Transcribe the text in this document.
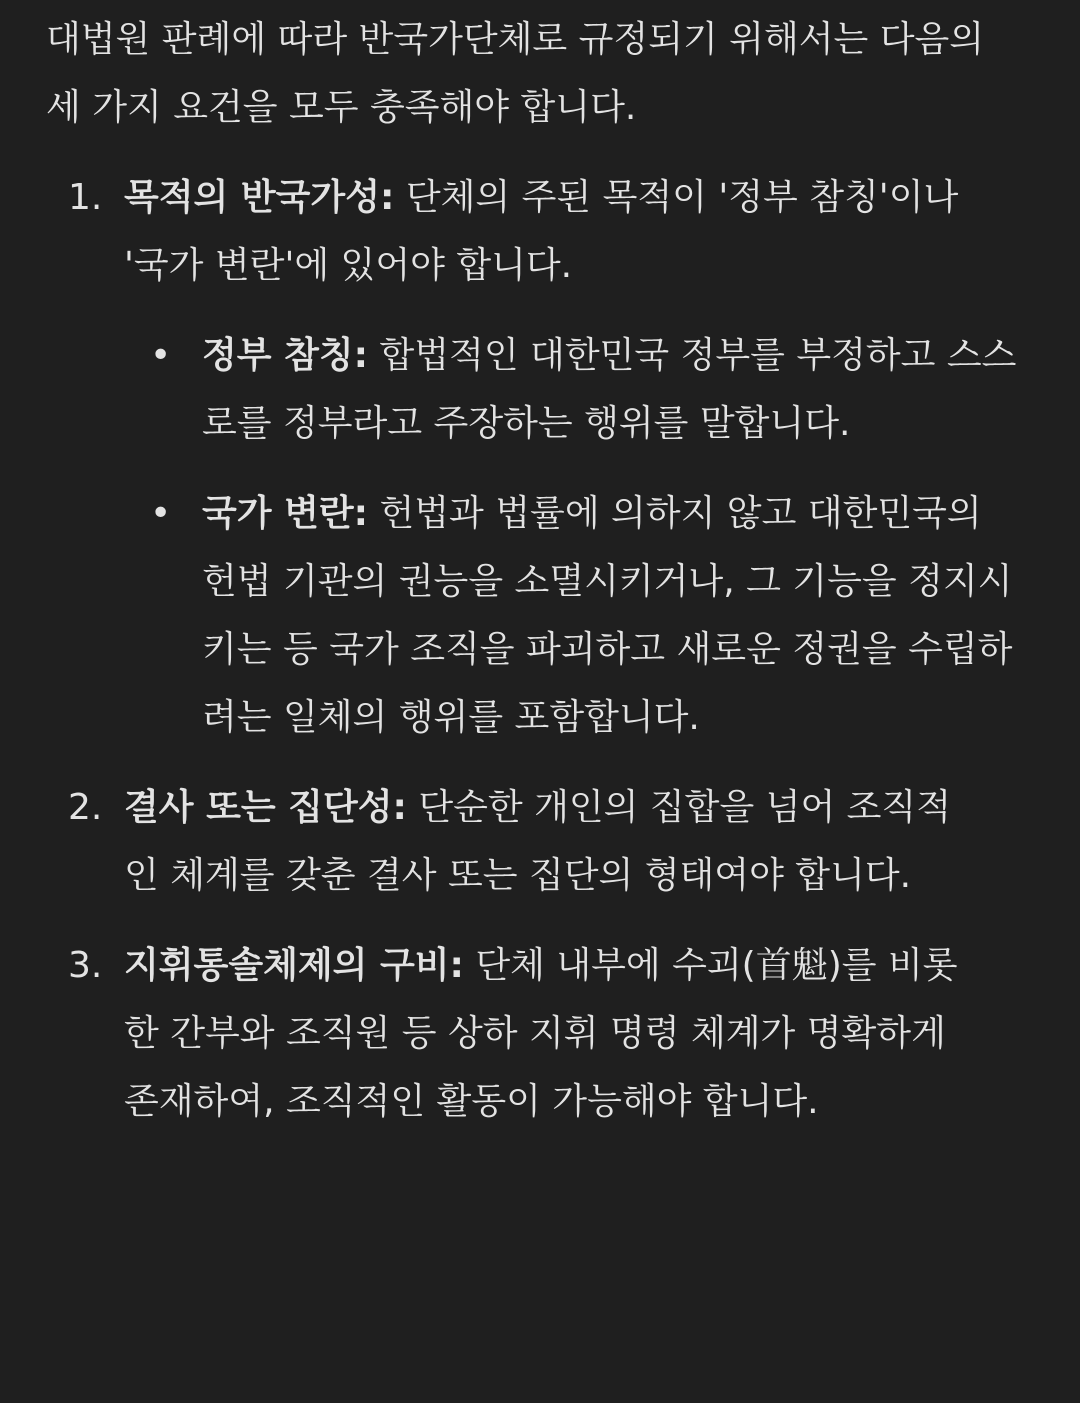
대법원 판례에 따라 반국가단체로 규정되기 위해서는 다음의 세 가지 요건을 모두 충족해야 합니다.

1. 목적의 반국가성: 단체의 주된 목적이 '정부 참칭'이나 '국가 변란'에 있어야 합니다.
• 정부 참칭: 합법적인 대한민국 정부를 부정하고 스스로를 정부라고 주장하는 행위를 말합니다.
• 국가 변란: 헌법과 법률에 의하지 않고 대한민국의 헌법 기관의 권능을 소멸시키거나, 그 기능을 정지시키는 등 국가 조직을 파괴하고 새로운 정권을 수립하려는 일체의 행위를 포함합니다.
2. 결사 또는 집단성: 단순한 개인의 집합을 넘어 조직적인 체계를 갖춘 결사 또는 집단의 형태여야 합니다.
3. 지휘통솔체제의 구비: 단체 내부에 수괴(首魁)를 비롯한 간부와 조직원 등 상하 지휘 명령 체계가 명확하게 존재하여, 조직적인 활동이 가능해야 합니다.
